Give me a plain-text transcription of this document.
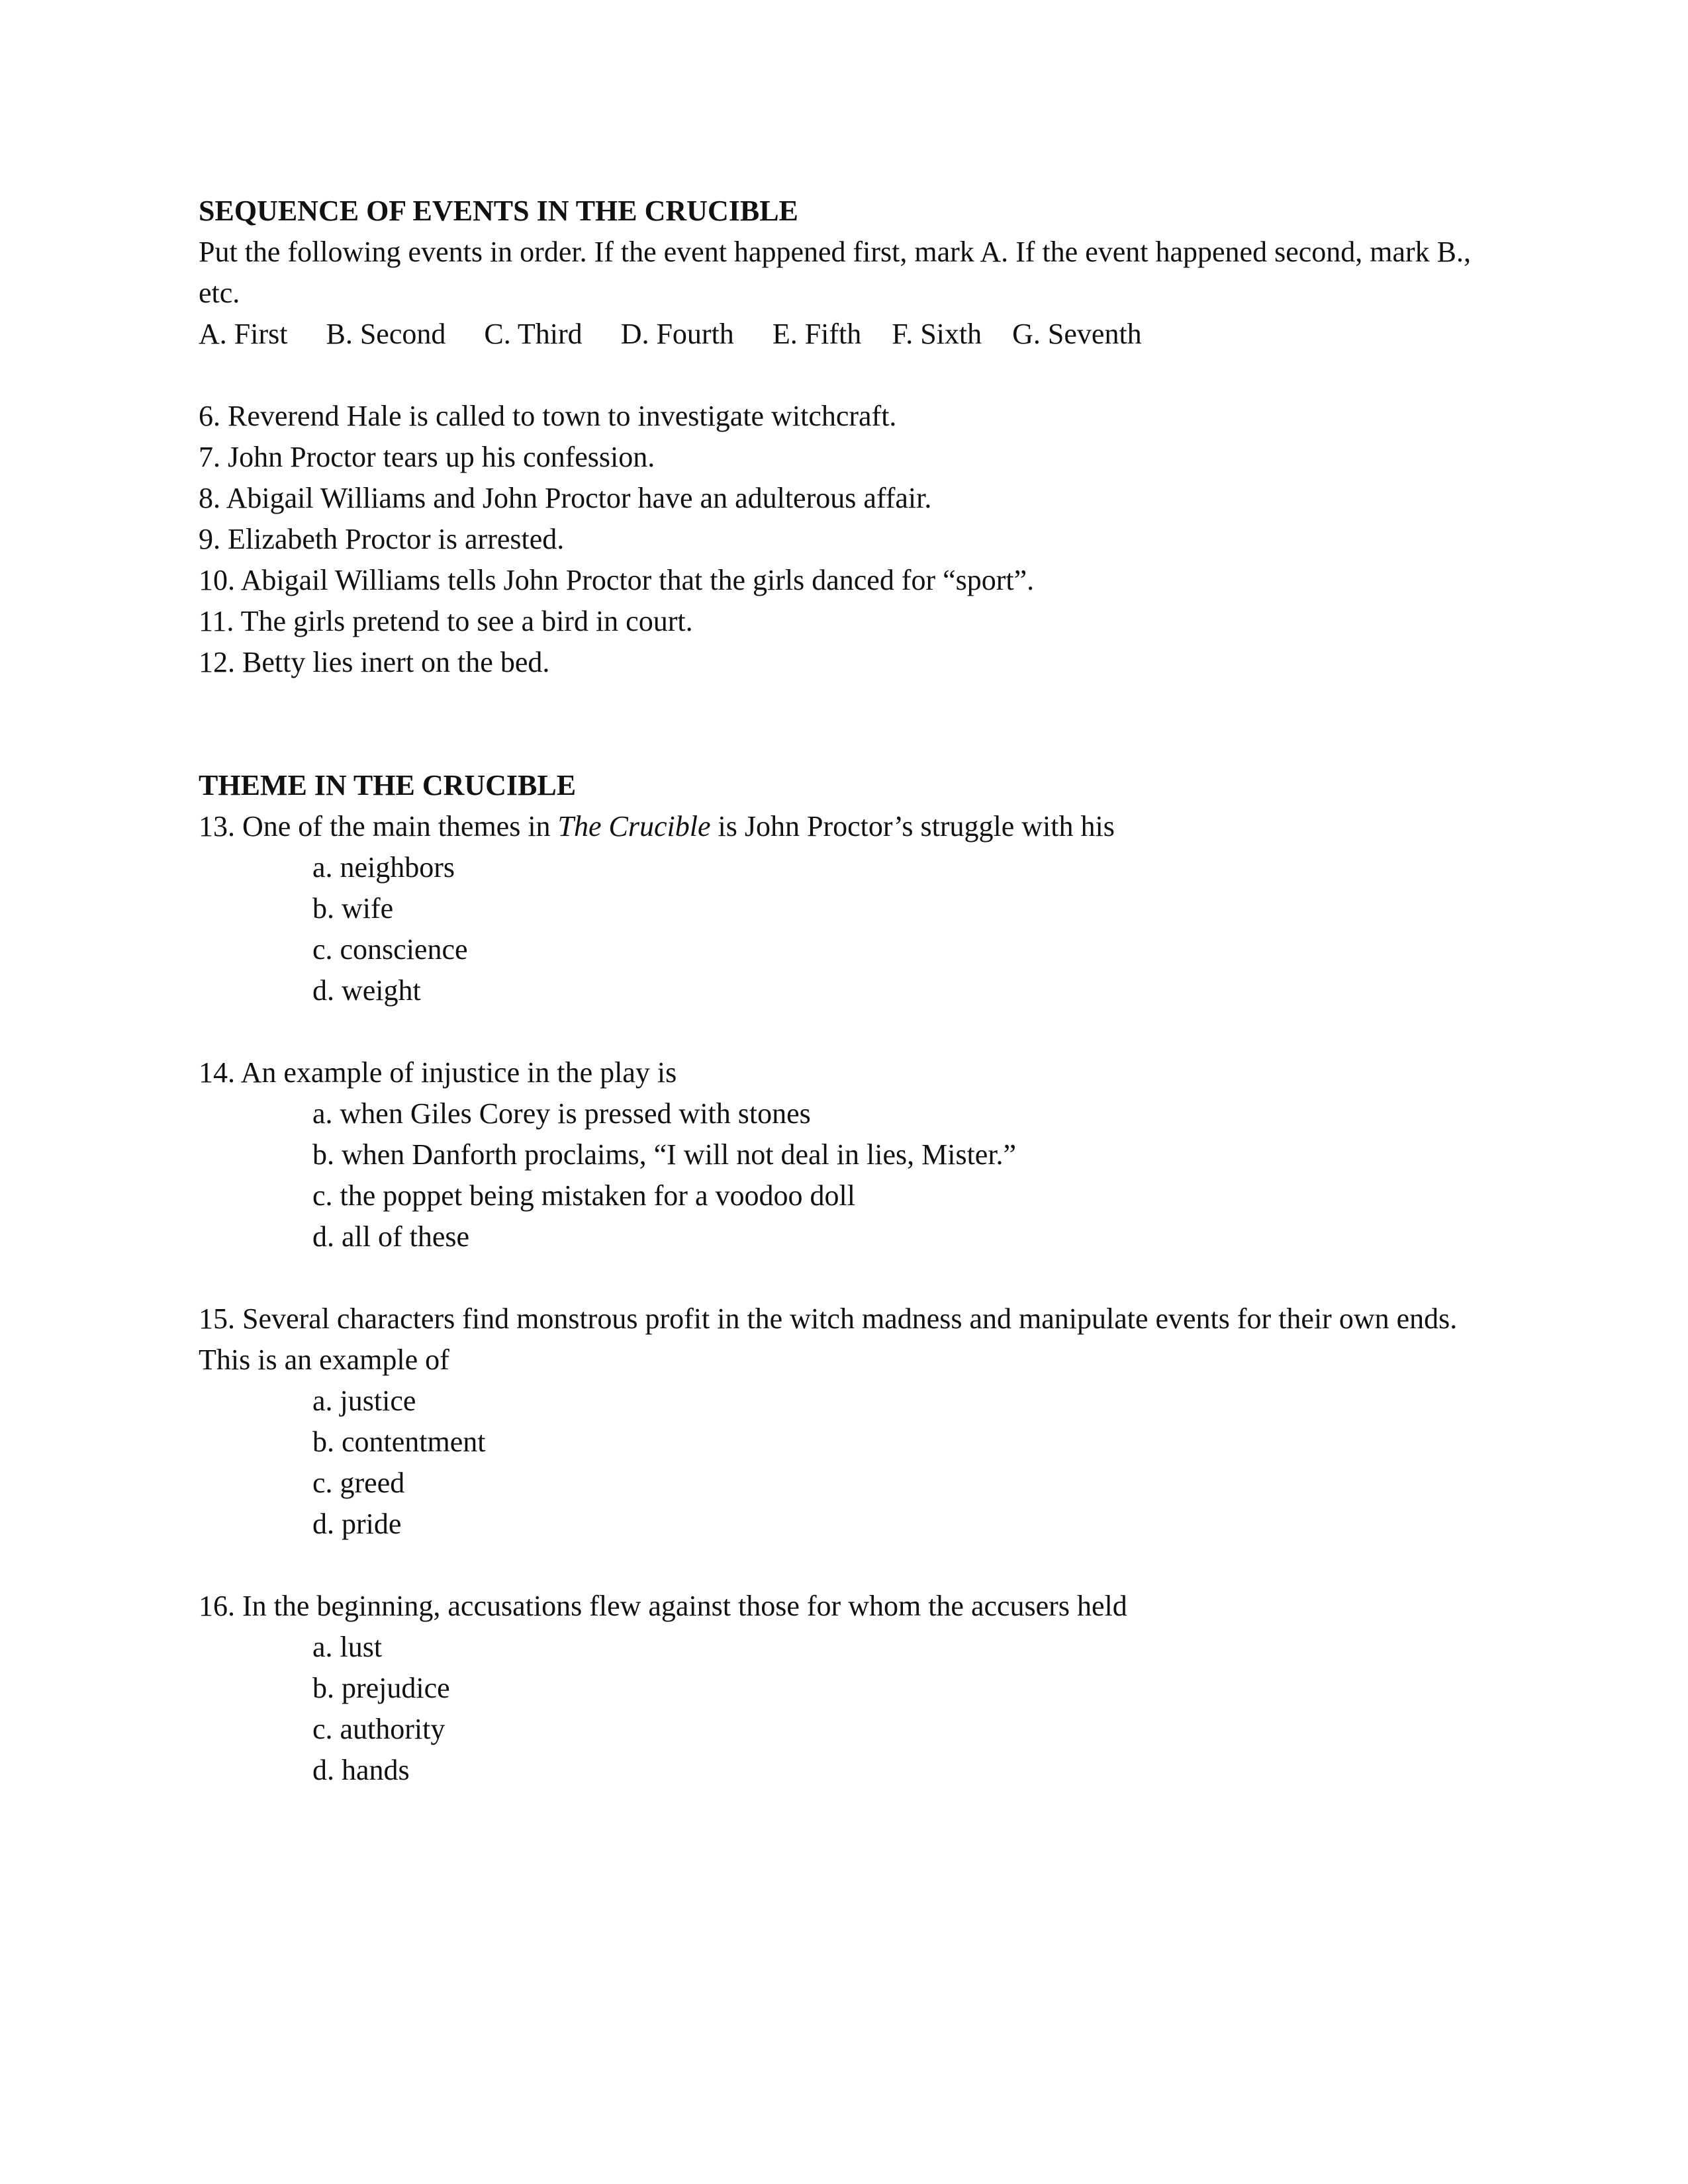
SEQUENCE OF EVENTS IN THE CRUCIBLE
Put the following events in order. If the event happened first, mark A. If the event happened second, mark B., etc.
A. First B. Second C. Third D. Fourth E. Fifth F. Sixth G. Seventh
6. Reverend Hale is called to town to investigate witchcraft.
7. John Proctor tears up his confession.
8. Abigail Williams and John Proctor have an adulterous affair.
9. Elizabeth Proctor is arrested.
10. Abigail Williams tells John Proctor that the girls danced for “sport”.
11. The girls pretend to see a bird in court.
12. Betty lies inert on the bed.
THEME IN THE CRUCIBLE
13. One of the main themes in The Crucible is John Proctor’s struggle with his
a. neighbors
b. wife
c. conscience
d. weight
14. An example of injustice in the play is
a. when Giles Corey is pressed with stones
b. when Danforth proclaims, “I will not deal in lies, Mister.”
c. the poppet being mistaken for a voodoo doll
d. all of these
15. Several characters find monstrous profit in the witch madness and manipulate events for their own ends. This is an example of
a. justice
b. contentment
c. greed
d. pride
16. In the beginning, accusations flew against those for whom the accusers held
a. lust
b. prejudice
c. authority
d. hands
